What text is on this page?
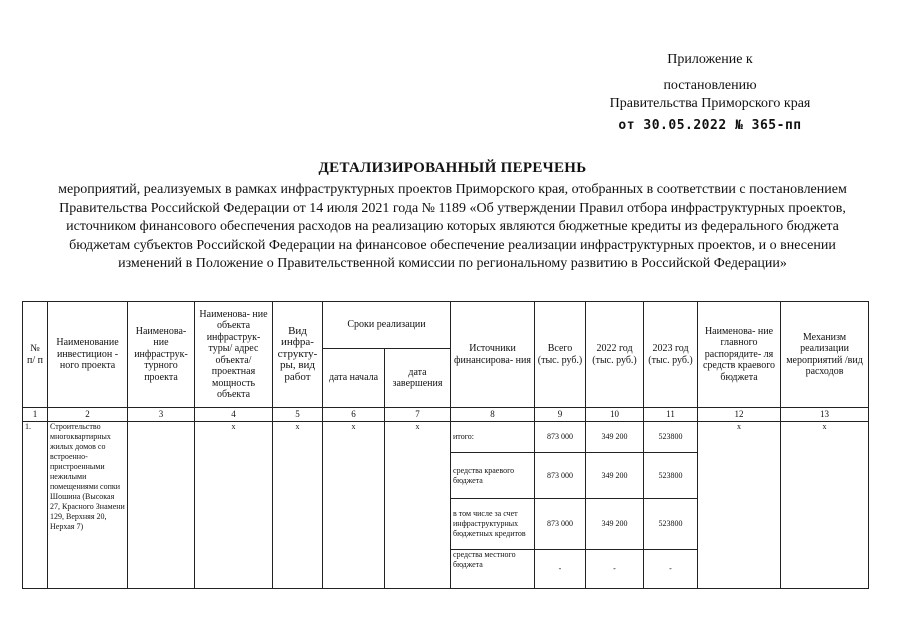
Приложение к
постановлению
Правительства Приморского края
от 30.05.2022 № 365-пп
ДЕТАЛИЗИРОВАННЫЙ ПЕРЕЧЕНЬ
мероприятий, реализуемых в рамках инфраструктурных проектов Приморского края, отобранных в соответствии с постановлением Правительства Российской Федерации от 14 июля 2021 года № 1189 «Об утверждении Правил отбора инфраструктурных проектов, источником финансового обеспечения расходов на реализацию которых являются бюджетные кредиты из федерального бюджета бюджетам субъектов Российской Федерации на финансовое обеспечение реализации инфраструктурных проектов, и о внесении изменений в Положение о Правительственной комиссии по региональному развитию в Российской Федерации»
№ п/ п	Наименование инвестицион - ного проекта	Наименова- ние инфраструк- турного проекта	Наименова- ние объекта инфраструк- туры/ адрес объекта/ проектная мощность объекта	Вид инфра- структу- ры, вид работ	Сроки реализации		Источники финансирова- ния	Всего (тыс. руб.)	2022 год (тыс. руб.)	2023 год (тыс. руб.)	Наименова- ние главного распорядите- ля средств краевого бюджета	Механизм реализации мероприятий /вид расходов
					дата начала	дата завершения						
1	2	3	4	5	6	7	8	9	10	11	12	13
1.	Строительство многоквартирных жилых домов со встроенно- пристроенными нежилыми помещениями сопки Шошина (Высокая 27, Красного Знамени 129, Верхняя 20, Нерхая 7)		x	x	x	x	итого:	873 000	349 200	523800	x	x
							средства краевого бюджета	873 000	349 200	523800		
							в том числе за счет инфраструктурных бюджетных кредитов	873 000	349 200	523800		
							средства местного бюджета	-	-	-		
